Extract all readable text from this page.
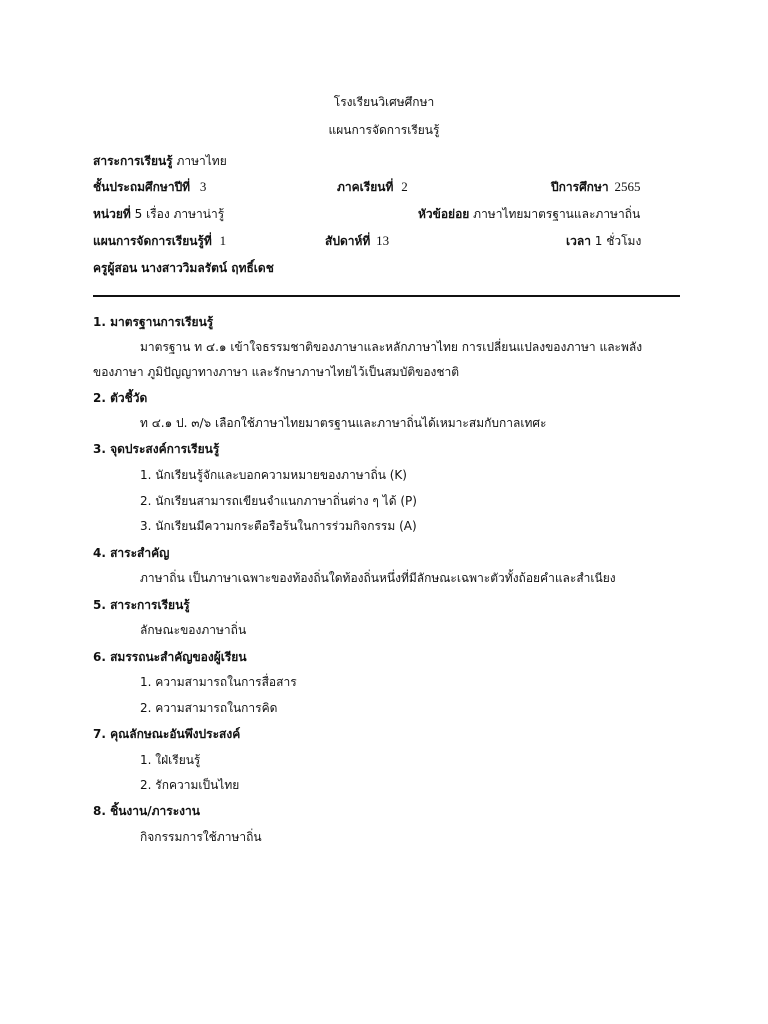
โรงเรียนวิเศษศึกษา
แผนการจัดการเรียนรู้
สาระการเรียนรู้ ภาษาไทย
ชั้นประถมศึกษาปีที่ 3	ภาคเรียนที่ 2	ปีการศึกษา 2565
หน่วยที่ 5 เรื่อง ภาษาน่ารู้	หัวข้อย่อย ภาษาไทยมาตรฐานและภาษาถิ่น
แผนการจัดการเรียนรู้ที่ 1	สัปดาห์ที่ 13	เวลา 1 ชั่วโมง
ครูผู้สอน นางสาววิมลรัตน์ ฤทธิ์เดช
1. มาตรฐานการเรียนรู้
มาตรฐาน ท ๔.๑ เข้าใจธรรมชาติของภาษาและหลักภาษาไทย การเปลี่ยนแปลงของภาษา และพลัง
ของภาษา ภูมิปัญญาทางภาษา และรักษาภาษาไทยไว้เป็นสมบัติของชาติ
2. ตัวชี้วัด
ท ๔.๑ ป. ๓/๖ เลือกใช้ภาษาไทยมาตรฐานและภาษาถิ่นได้เหมาะสมกับกาลเทศะ
3. จุดประสงค์การเรียนรู้
1. นักเรียนรู้จักและบอกความหมายของภาษาถิ่น (K)
2. นักเรียนสามารถเขียนจำแนกภาษาถิ่นต่าง ๆ ได้ (P)
3. นักเรียนมีความกระตือรือร้นในการร่วมกิจกรรม (A)
4. สาระสำคัญ
ภาษาถิ่น เป็นภาษาเฉพาะของท้องถิ่นใดท้องถิ่นหนึ่งที่มีลักษณะเฉพาะตัวทั้งถ้อยคำและสำเนียง
5. สาระการเรียนรู้
ลักษณะของภาษาถิ่น
6. สมรรถนะสำคัญของผู้เรียน
1. ความสามารถในการสื่อสาร
2. ความสามารถในการคิด
7. คุณลักษณะอันพึงประสงค์
1. ใฝ่เรียนรู้
2. รักความเป็นไทย
8. ชิ้นงาน/ภาระงาน
กิจกรรมการใช้ภาษาถิ่น
